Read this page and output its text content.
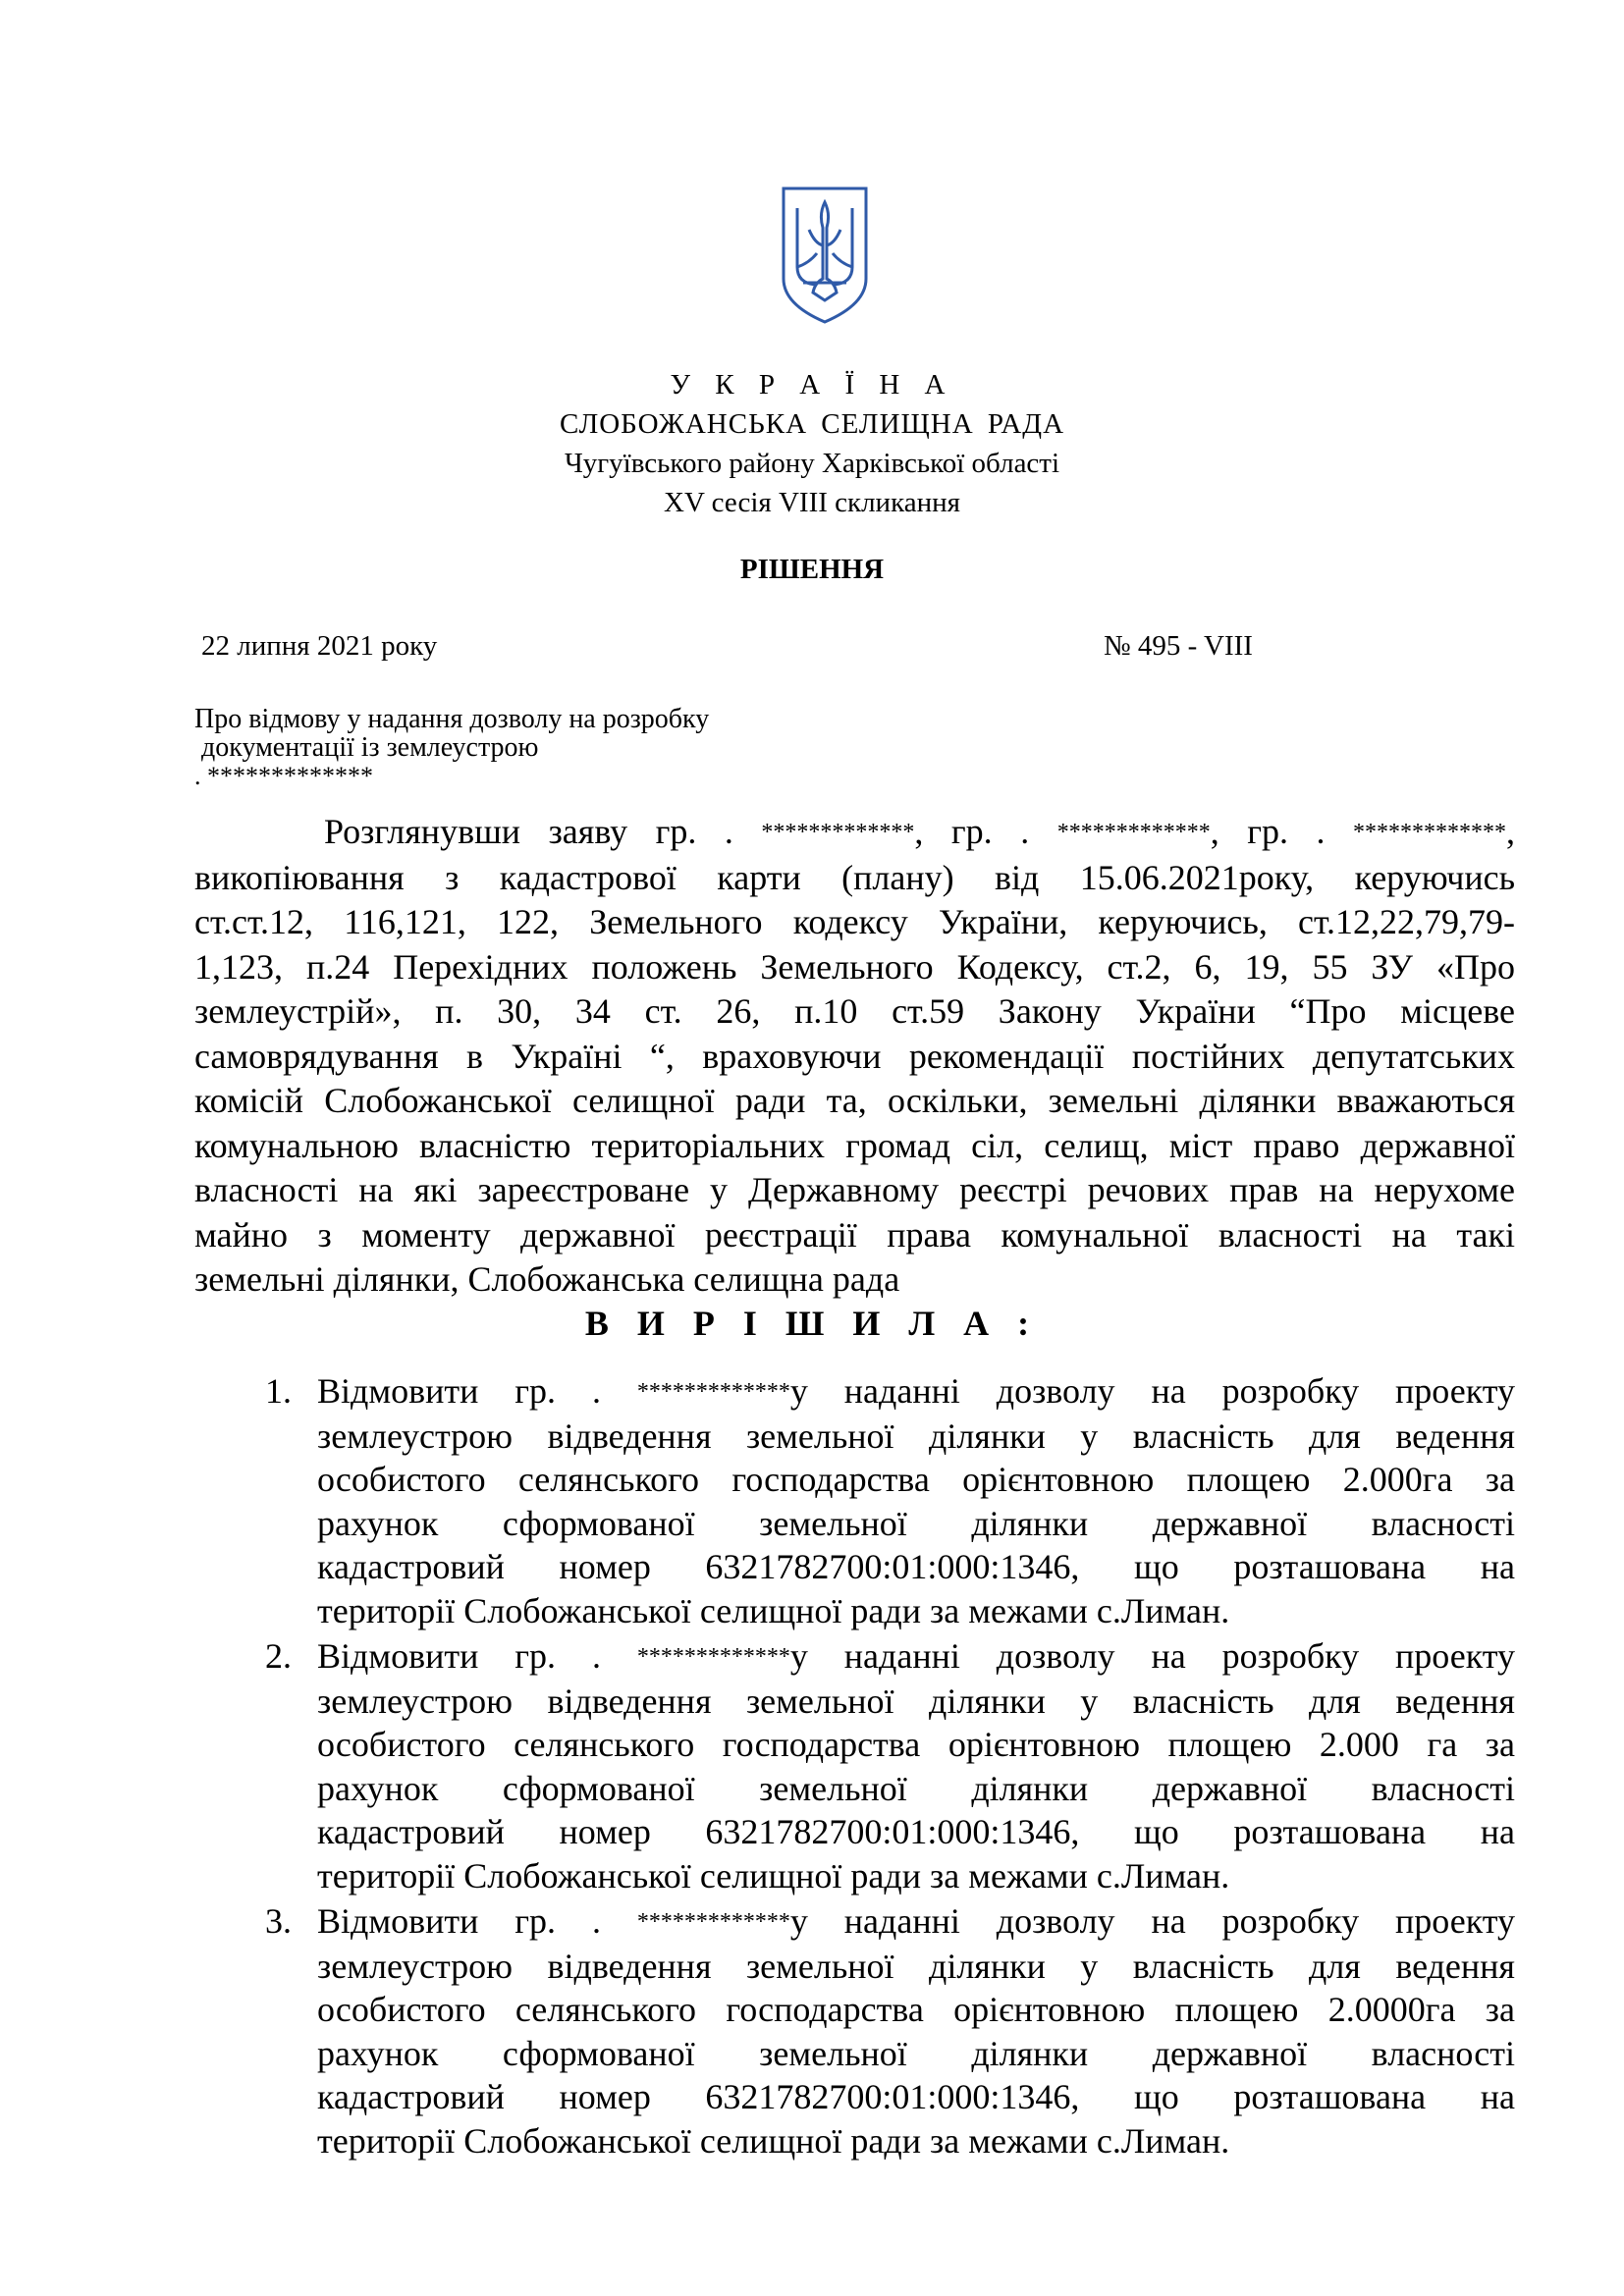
У К Р А Ї Н А
СЛОБОЖАНСЬКА СЕЛИЩНА РАДА
Чугуївського району Харківської області
XV сесія VIII скликання
РІШЕННЯ
22 липня 2021 року	№ 495 - VIII
Про відмову у надання дозволу на розробку
документації із землеустрою
. *************
Розглянувши заяву гр. . *************, гр. . *************, гр. . *************,
викопіювання з кадастрової карти (плану) від 15.06.2021року, керуючись
ст.ст.12, 116,121, 122, Земельного кодексу України, керуючись, ст.12,22,79,79-
1,123, п.24 Перехідних положень Земельного Кодексу, ст.2, 6, 19, 55 ЗУ «Про
землеустрій», п. 30, 34 ст. 26, п.10 ст.59 Закону України “Про місцеве
самоврядування в Україні “, враховуючи рекомендації постійних депутатських
комісій Слобожанської селищної ради та, оскільки, земельні ділянки вважаються
комунальною власністю територіальних громад сіл, селищ, міст право державної
власності на які зареєстроване у Державному реєстрі речових прав на нерухоме
майно з моменту державної реєстрації права комунальної власності на такі
земельні ділянки, Слобожанська селищна рада
В И Р І Ш И Л А :
1. Відмовити гр. . *************у наданні дозволу на розробку проекту
землеустрою відведення земельної ділянки у власність для ведення
особистого селянського господарства орієнтовною площею 2.000га за
рахунок сформованої земельної ділянки державної власності
кадастровий номер 6321782700:01:000:1346, що розташована на
території Слобожанської селищної ради за межами с.Лиман.
2. Відмовити гр. . *************у наданні дозволу на розробку проекту
землеустрою відведення земельної ділянки у власність для ведення
особистого селянського господарства орієнтовною площею 2.000 га за
рахунок сформованої земельної ділянки державної власності
кадастровий номер 6321782700:01:000:1346, що розташована на
території Слобожанської селищної ради за межами с.Лиман.
3. Відмовити гр. . *************у наданні дозволу на розробку проекту
землеустрою відведення земельної ділянки у власність для ведення
особистого селянського господарства орієнтовною площею 2.0000га за
рахунок сформованої земельної ділянки державної власності
кадастровий номер 6321782700:01:000:1346, що розташована на
території Слобожанської селищної ради за межами с.Лиман.
